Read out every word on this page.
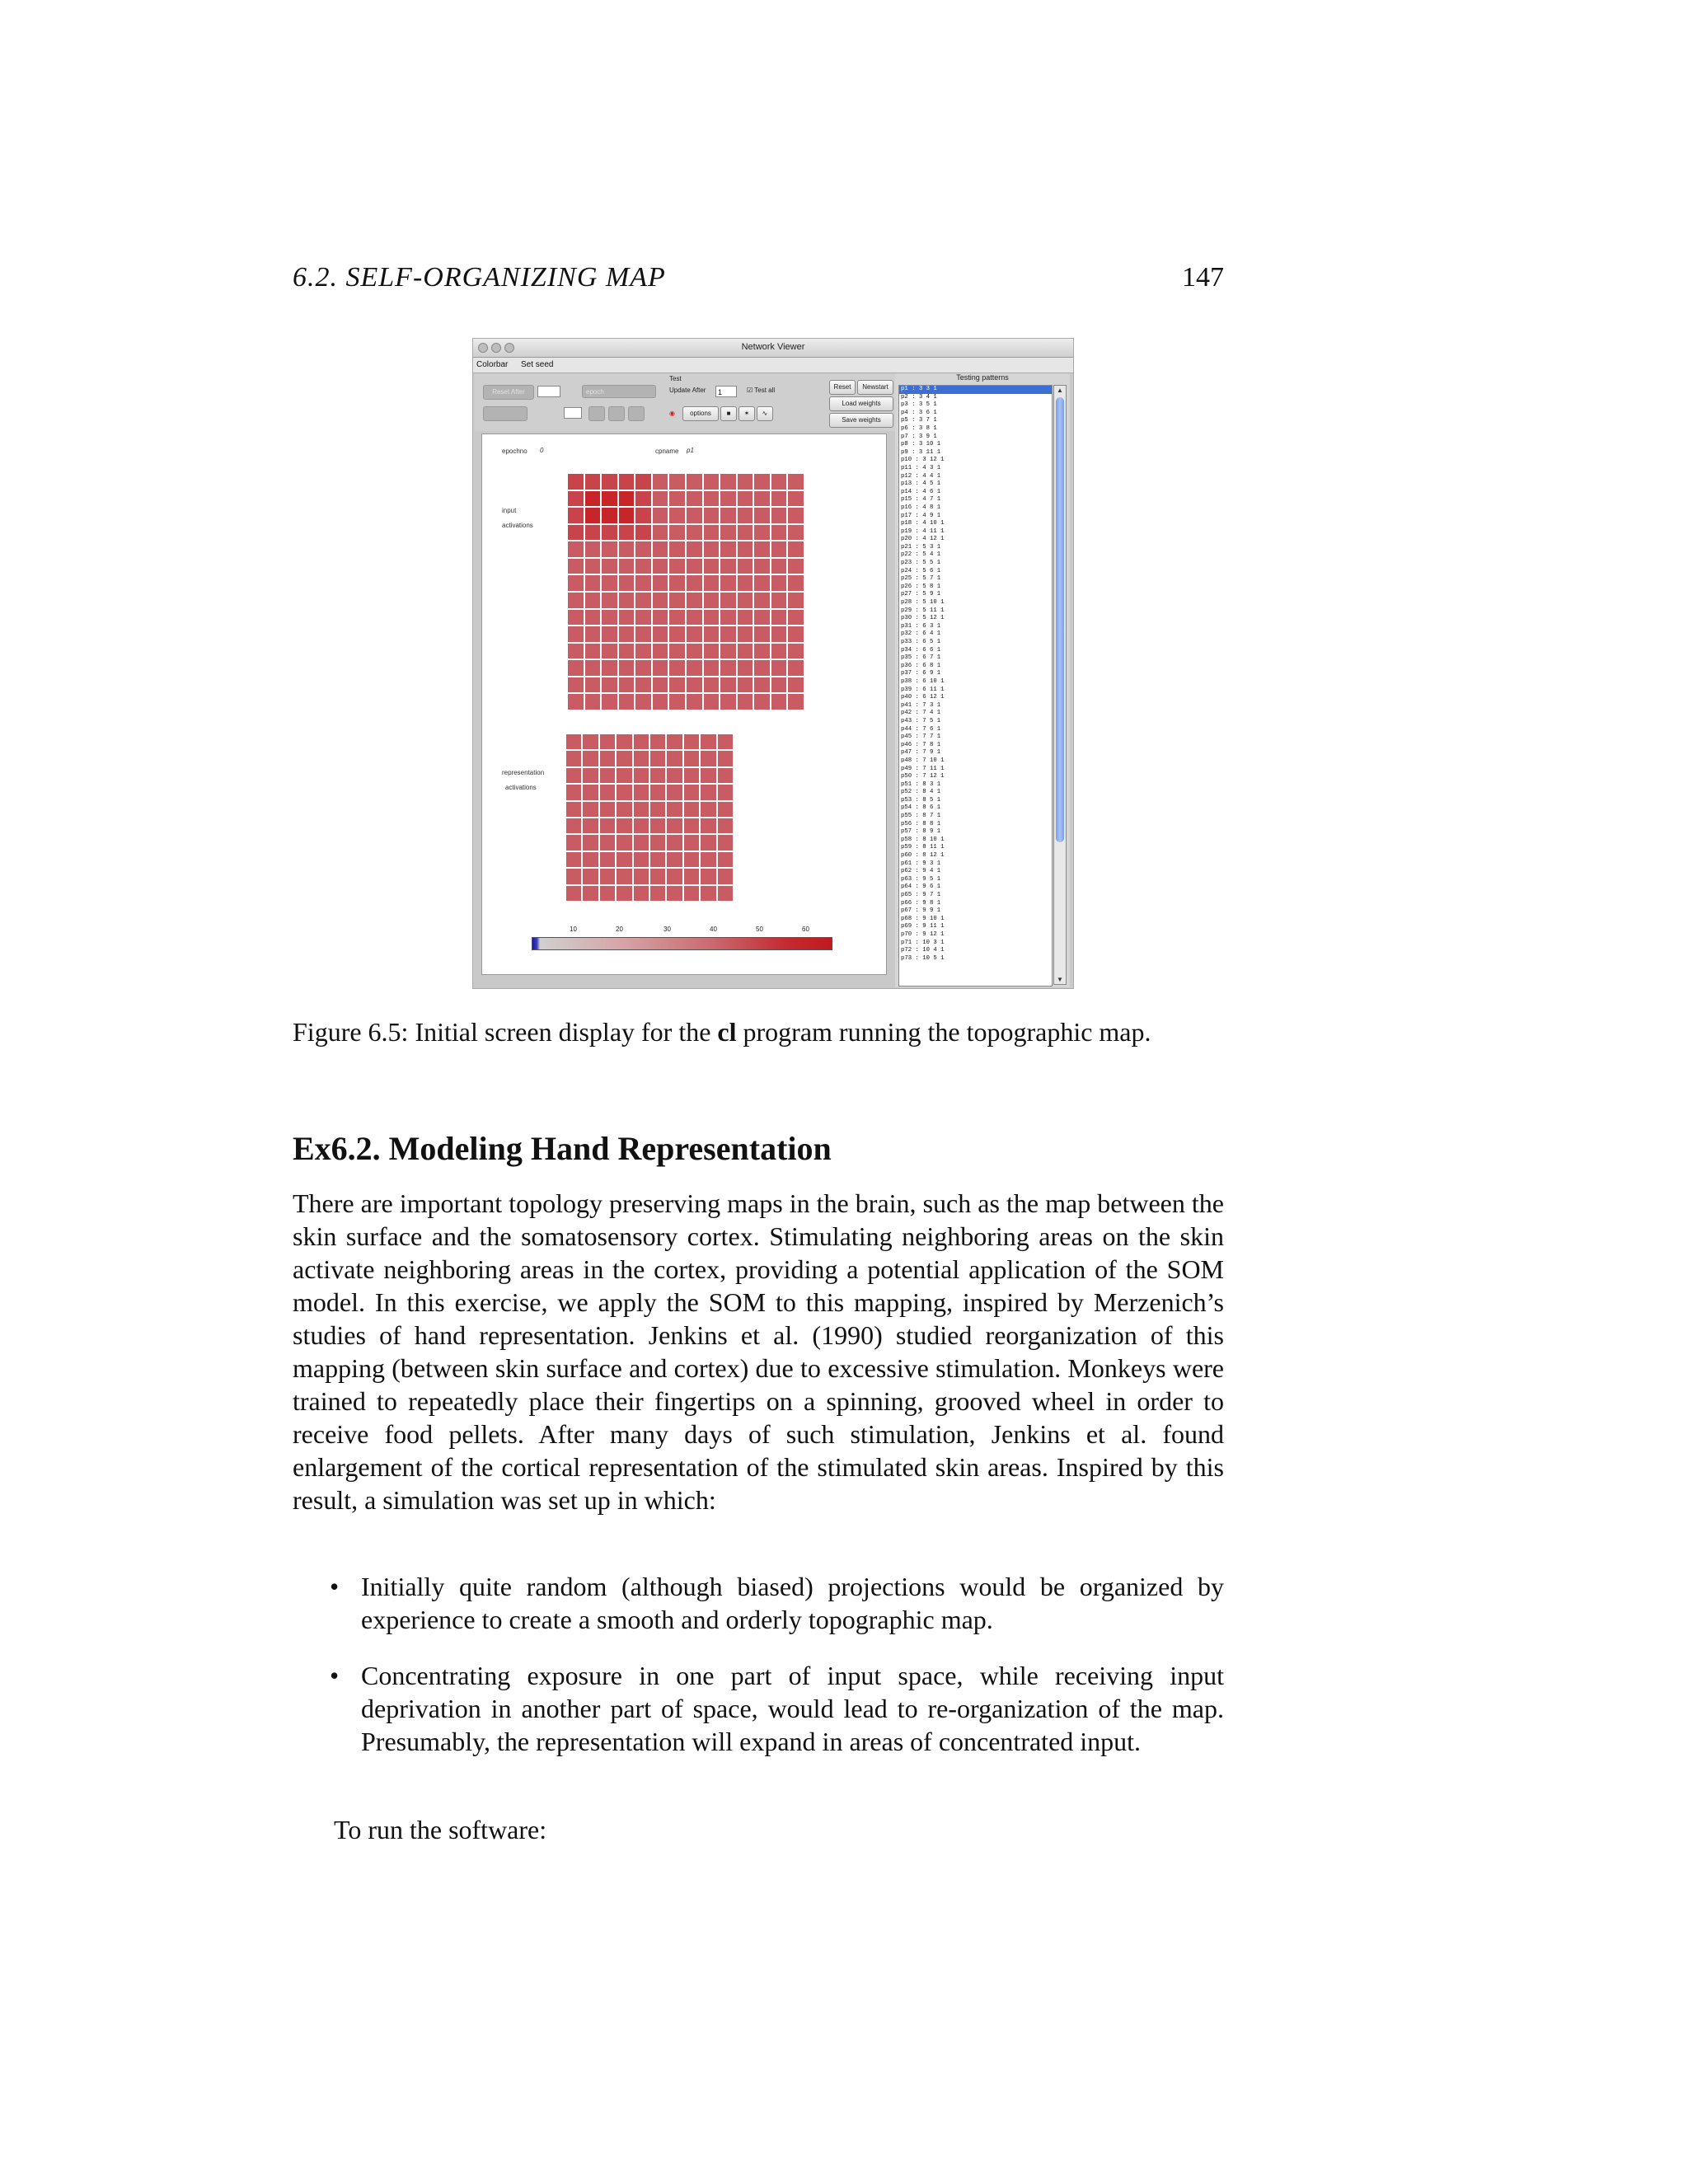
6.2. SELF-ORGANIZING MAP	147
Network Viewer
Colorbar Set seed
Reset After	epoch
Test
Update After	1	☑ Test all
◉	options	■	✶	∿
Reset	Newstart
Load weights
Save weights
epochno 0	cpname p1
input
activations
representation
activations
10	20	30	40	50	60
Testing patterns
p1 : 3 3 1
p2 : 3 4 1
p3 : 3 5 1
p4 : 3 6 1
p5 : 3 7 1
p6 : 3 8 1
p7 : 3 9 1
p8 : 3 10 1
p9 : 3 11 1
p10 : 3 12 1
p11 : 4 3 1
p12 : 4 4 1
p13 : 4 5 1
p14 : 4 6 1
p15 : 4 7 1
p16 : 4 8 1
p17 : 4 9 1
p18 : 4 10 1
p19 : 4 11 1
p20 : 4 12 1
p21 : 5 3 1
p22 : 5 4 1
p23 : 5 5 1
p24 : 5 6 1
p25 : 5 7 1
p26 : 5 8 1
p27 : 5 9 1
p28 : 5 10 1
p29 : 5 11 1
p30 : 5 12 1
p31 : 6 3 1
p32 : 6 4 1
p33 : 6 5 1
p34 : 6 6 1
p35 : 6 7 1
p36 : 6 8 1
p37 : 6 9 1
p38 : 6 10 1
p39 : 6 11 1
p40 : 6 12 1
p41 : 7 3 1
p42 : 7 4 1
p43 : 7 5 1
p44 : 7 6 1
p45 : 7 7 1
p46 : 7 8 1
p47 : 7 9 1
p48 : 7 10 1
p49 : 7 11 1
p50 : 7 12 1
p51 : 8 3 1
p52 : 8 4 1
p53 : 8 5 1
p54 : 8 6 1
p55 : 8 7 1
p56 : 8 8 1
p57 : 8 9 1
p58 : 8 10 1
p59 : 8 11 1
p60 : 8 12 1
p61 : 9 3 1
p62 : 9 4 1
p63 : 9 5 1
p64 : 9 6 1
p65 : 9 7 1
p66 : 9 8 1
p67 : 9 9 1
p68 : 9 10 1
p69 : 9 11 1
p70 : 9 12 1
p71 : 10 3 1
p72 : 10 4 1
p73 : 10 5 1
▲
▼
Figure 6.5: Initial screen display for the cl program running the topographic map.
Ex6.2. Modeling Hand Representation

There are important topology preserving maps in the brain, such as the map between the skin surface and the somatosensory cortex. Stimulating neighboring areas on the skin activate neighboring areas in the cortex, providing a potential application of the SOM model. In this exercise, we apply the SOM to this mapping, inspired by Merzenich’s studies of hand representation. Jenkins et al. (1990) studied reorganization of this mapping (between skin surface and cortex) due to excessive stimulation. Monkeys were trained to repeatedly place their fingertips on a spinning, grooved wheel in order to receive food pellets. After many days of such stimulation, Jenkins et al. found enlargement of the cortical representation of the stimulated skin areas. Inspired by this result, a simulation was set up in which:

• Initially quite random (although biased) projections would be organized by experience to create a smooth and orderly topographic map.
• Concentrating exposure in one part of input space, while receiving input deprivation in another part of space, would lead to re-organization of the map. Presumably, the representation will expand in areas of concentrated input.
To run the software:
